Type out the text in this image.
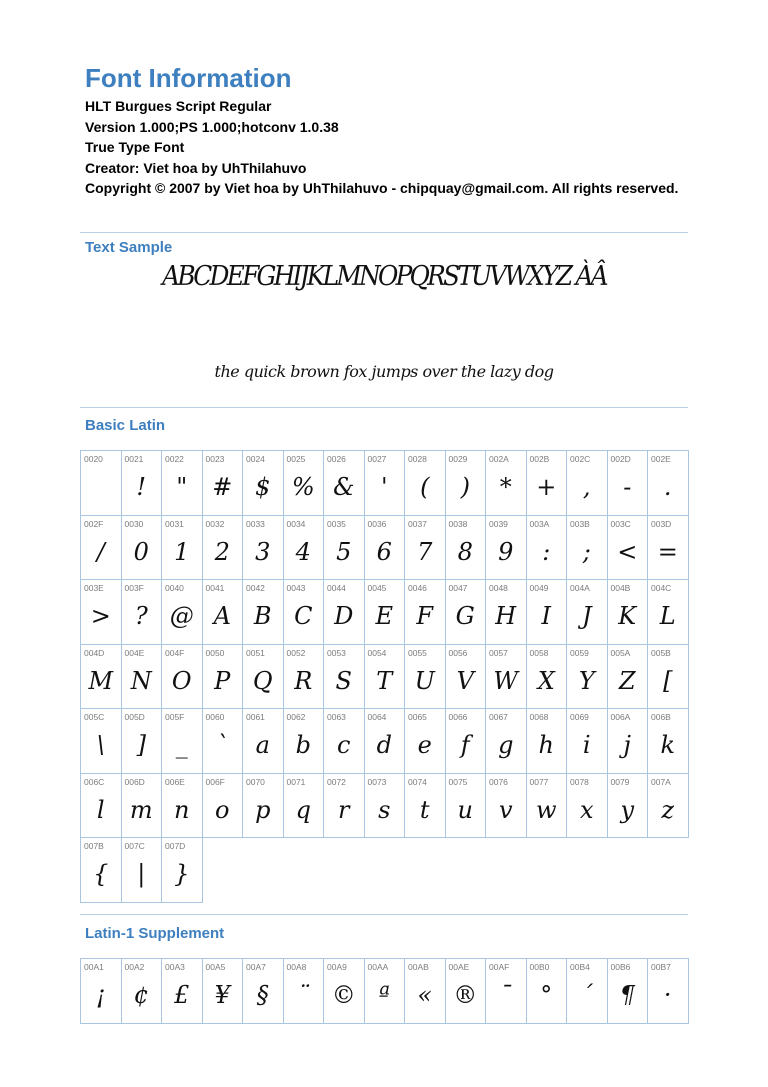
Font Information

HLT Burgues Script Regular

Version 1.000;PS 1.000;hotconv 1.0.38

True Type Font

Creator: Viet hoa by UhThilahuvo

Copyright © 2007 by Viet hoa by UhThilahuvo - chipquay@gmail.com. All rights reserved.

Text Sample
ABCDEFGHIJKLMNOPQRSTUVWXYZ ÀÂ
the quick brown fox jumps over the lazy dog
Basic Latin
0020	0021
!
0022
"
0023
#
0024
$
0025
%
0026
&
0027
'
0028
(
0029
)
002A
*
002B
+
002C
,
002D
-
002E
.
002F
/
0030
0
0031
1
0032
2
0033
3
0034
4
0035
5
0036
6
0037
7
0038
8
0039
9
003A
:
003B
;
003C
<
003D
=
003E
>
003F
?
0040
@
0041
A
0042
B
0043
C
0044
D
0045
E
0046
F
0047
G
0048
H
0049
I
004A
J
004B
K
004C
L
004D
M
004E
N
004F
O
0050
P
0051
Q
0052
R
0053
S
0054
T
0055
U
0056
V
0057
W
0058
X
0059
Y
005A
Z
005B
[
005C
\
005D
]
005F
_
0060
`
0061
a
0062
b
0063
c
0064
d
0065
e
0066
f
0067
g
0068
h
0069
i
006A
j
006B
k
006C
l
006D
m
006E
n
006F
o
0070
p
0071
q
0072
r
0073
s
0074
t
0075
u
0076
v
0077
w
0078
x
0079
y
007A
z
007B
{
007C
|
007D
}
Latin-1 Supplement
00A1
¡
00A2
¢
00A3
£
00A5
¥
00A7
§
00A8
¨
00A9
©
00AA
ª
00AB
«
00AE
®
00AF
¯
00B0
°
00B4
´
00B6
¶
00B7
·
